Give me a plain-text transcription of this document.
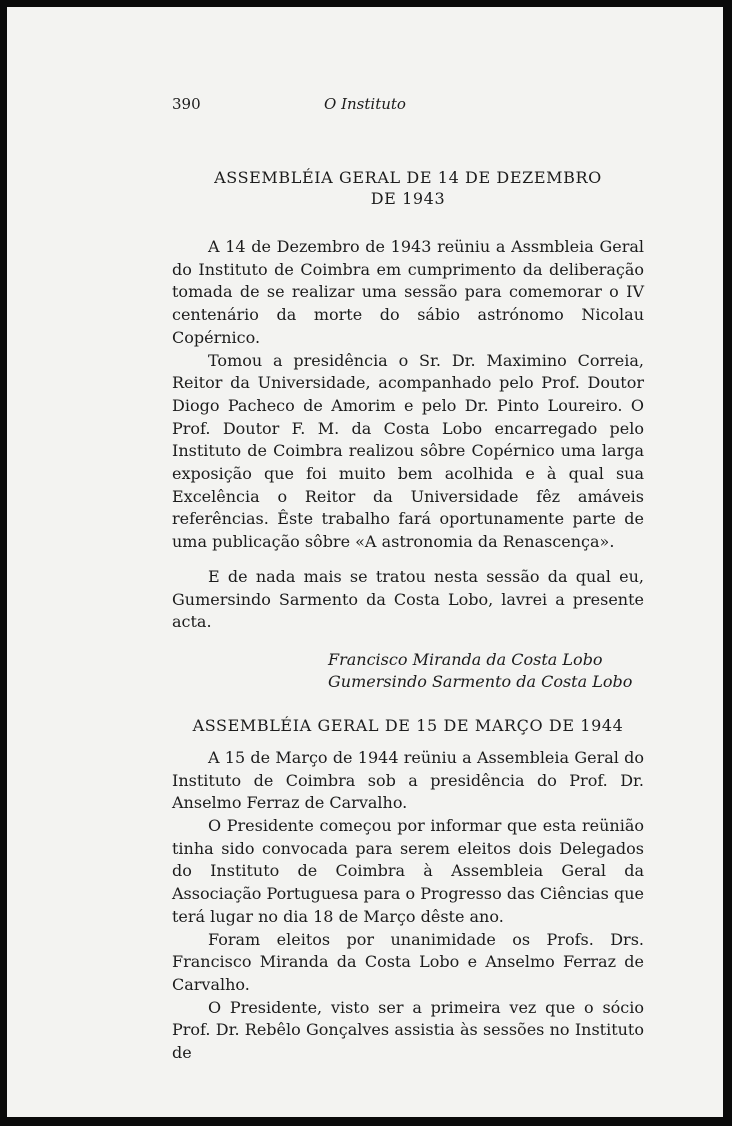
390	O Instituto
ASSEMBLÉIA GERAL DE 14 DE DEZEMBRO
DE 1943

A 14 de Dezembro de 1943 reüniu a Assmbleia Geral do Instituto de Coimbra em cumprimento da deliberação tomada de se realizar uma sessão para comemorar o IV centenário da morte do sábio astrónomo Nicolau Copérnico.

Tomou a presidência o Sr. Dr. Maximino Correia, Reitor da Universidade, acompanhado pelo Prof. Doutor Diogo Pacheco de Amorim e pelo Dr. Pinto Loureiro. O Prof. Doutor F. M. da Costa Lobo encarregado pelo Instituto de Coimbra realizou sôbre Copérnico uma larga exposição que foi muito bem acolhida e à qual sua Excelência o Reitor da Universidade fêz amáveis referências. Êste trabalho fará oportunamente parte de uma publicação sôbre «A astronomia da Renascença».

E de nada mais se tratou nesta sessão da qual eu, Gumersindo Sarmento da Costa Lobo, lavrei a presente acta.

Francisco Miranda da Costa Lobo
Gumersindo Sarmento da Costa Lobo
ASSEMBLÉIA GERAL DE 15 DE MARÇO DE 1944

A 15 de Março de 1944 reüniu a Assembleia Geral do Instituto de Coimbra sob a presidência do Prof. Dr. Anselmo Ferraz de Carvalho.

O Presidente começou por informar que esta reünião tinha sido convocada para serem eleitos dois Delegados do Instituto de Coimbra à Assembleia Geral da Associação Portuguesa para o Progresso das Ciências que terá lugar no dia 18 de Março dêste ano.

Foram eleitos por unanimidade os Profs. Drs. Francisco Miranda da Costa Lobo e Anselmo Ferraz de Carvalho.

O Presidente, visto ser a primeira vez que o sócio Prof. Dr. Rebêlo Gonçalves assistia às sessões no Instituto de
